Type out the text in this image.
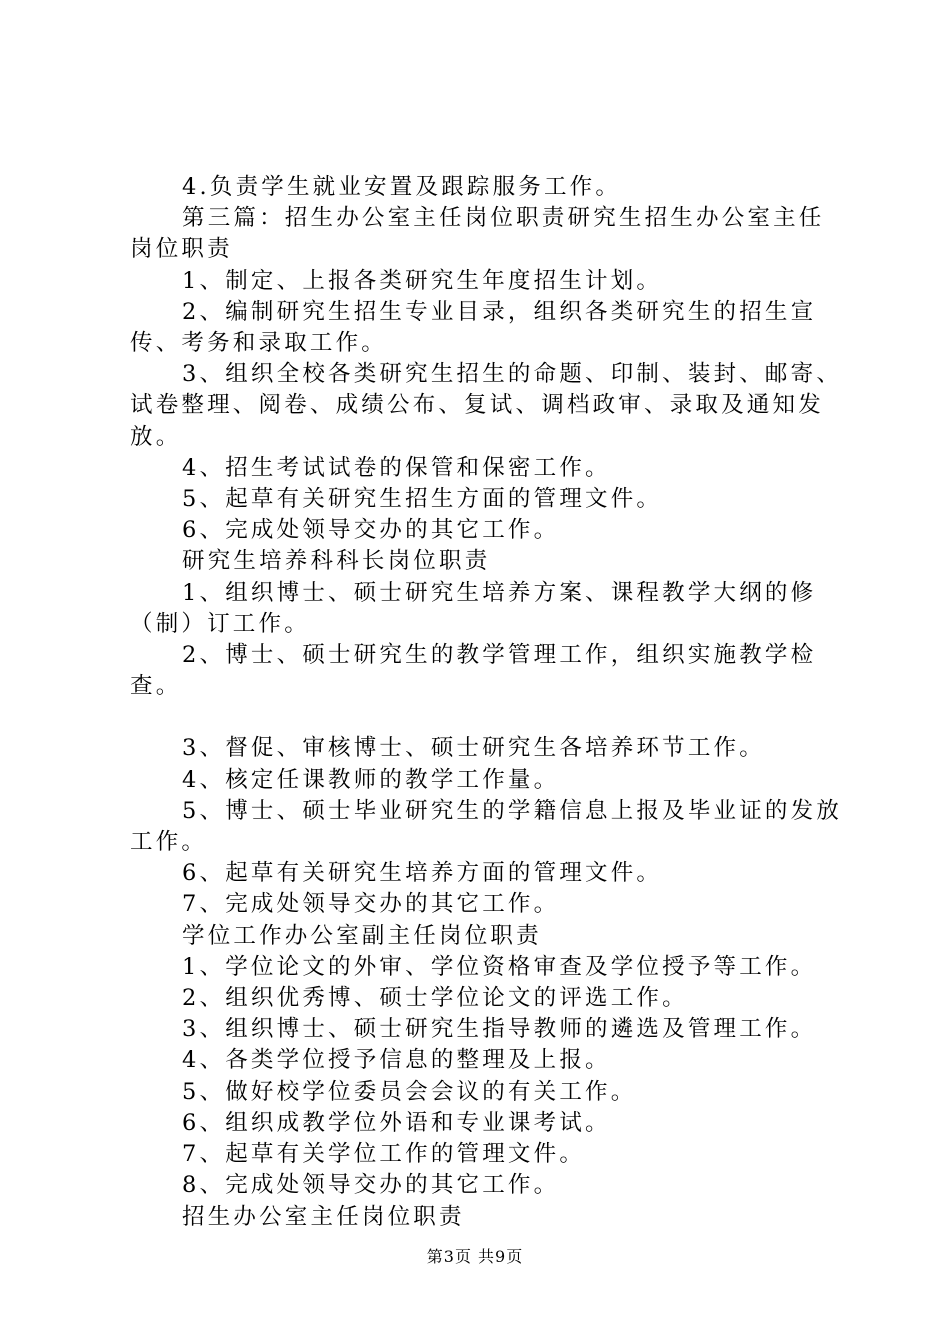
4.负责学生就业安置及跟踪服务工作。

第三篇：招生办公室主任岗位职责研究生招生办公室主任岗位职责

1、制定、上报各类研究生年度招生计划。

2、编制研究生招生专业目录，组织各类研究生的招生宣传、考务和录取工作。

3、组织全校各类研究生招生的命题、印制、装封、邮寄、试卷整理、阅卷、成绩公布、复试、调档政审、录取及通知发放。

4、招生考试试卷的保管和保密工作。

5、起草有关研究生招生方面的管理文件。

6、完成处领导交办的其它工作。

研究生培养科科长岗位职责

1、组织博士、硕士研究生培养方案、课程教学大纲的修（制）订工作。

2、博士、硕士研究生的教学管理工作，组织实施教学检查。

3、督促、审核博士、硕士研究生各培养环节工作。

4、核定任课教师的教学工作量。

5、博士、硕士毕业研究生的学籍信息上报及毕业证的发放工作。

6、起草有关研究生培养方面的管理文件。

7、完成处领导交办的其它工作。

学位工作办公室副主任岗位职责

1、学位论文的外审、学位资格审查及学位授予等工作。

2、组织优秀博、硕士学位论文的评选工作。

3、组织博士、硕士研究生指导教师的遴选及管理工作。

4、各类学位授予信息的整理及上报。

5、做好校学位委员会会议的有关工作。

6、组织成教学位外语和专业课考试。

7、起草有关学位工作的管理文件。

8、完成处领导交办的其它工作。

招生办公室主任岗位职责

第3页 共9页
